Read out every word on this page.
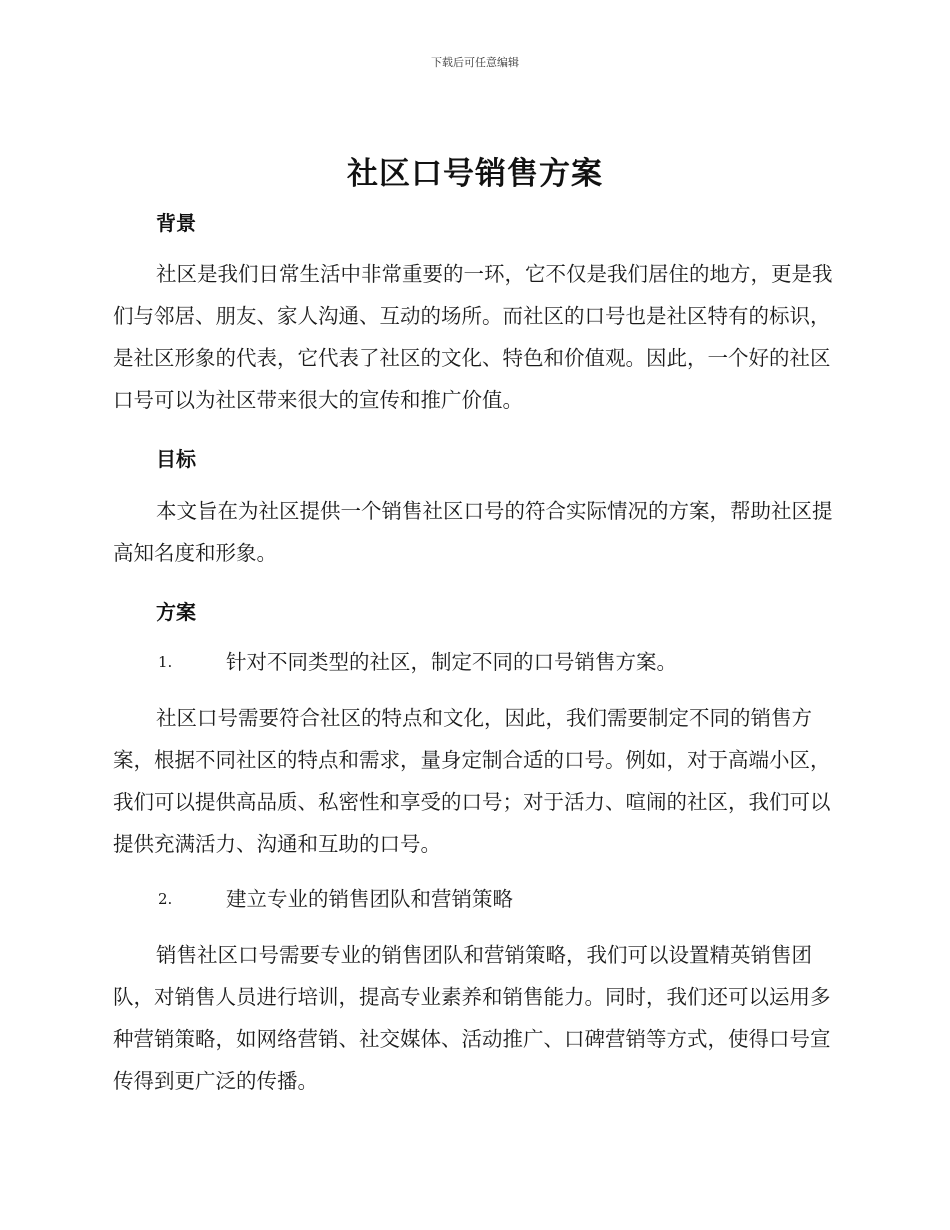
下载后可任意编辑
社区口号销售方案
背景
社区是我们日常生活中非常重要的一环，它不仅是我们居住的地方，更是我们与邻居、朋友、家人沟通、互动的场所。而社区的口号也是社区特有的标识，是社区形象的代表，它代表了社区的文化、特色和价值观。因此，一个好的社区口号可以为社区带来很大的宣传和推广价值。
目标
本文旨在为社区提供一个销售社区口号的符合实际情况的方案，帮助社区提高知名度和形象。
方案
1.	针对不同类型的社区，制定不同的口号销售方案。
社区口号需要符合社区的特点和文化，因此，我们需要制定不同的销售方案，根据不同社区的特点和需求，量身定制合适的口号。例如，对于高端小区，我们可以提供高品质、私密性和享受的口号；对于活力、喧闹的社区，我们可以提供充满活力、沟通和互助的口号。
2.	建立专业的销售团队和营销策略
销售社区口号需要专业的销售团队和营销策略，我们可以设置精英销售团队，对销售人员进行培训，提高专业素养和销售能力。同时，我们还可以运用多种营销策略，如网络营销、社交媒体、活动推广、口碑营销等方式，使得口号宣传得到更广泛的传播。
